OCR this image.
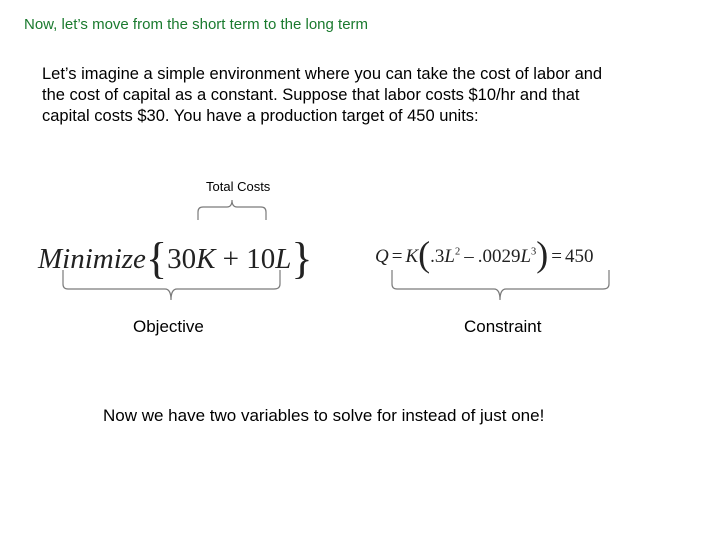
Now, let’s move from the short term to the long term
Let’s imagine a simple environment where you can take the cost of labor and
the cost of capital as a constant. Suppose that labor costs $10/hr and that
capital costs $30. You have a production target of 450 units:
Total Costs
Minimize{30K + 10L}	$Q = K(.3L^2 - .0029L^3) = 450$
Objective	Constraint
Now we have two variables to solve for instead of just one!
